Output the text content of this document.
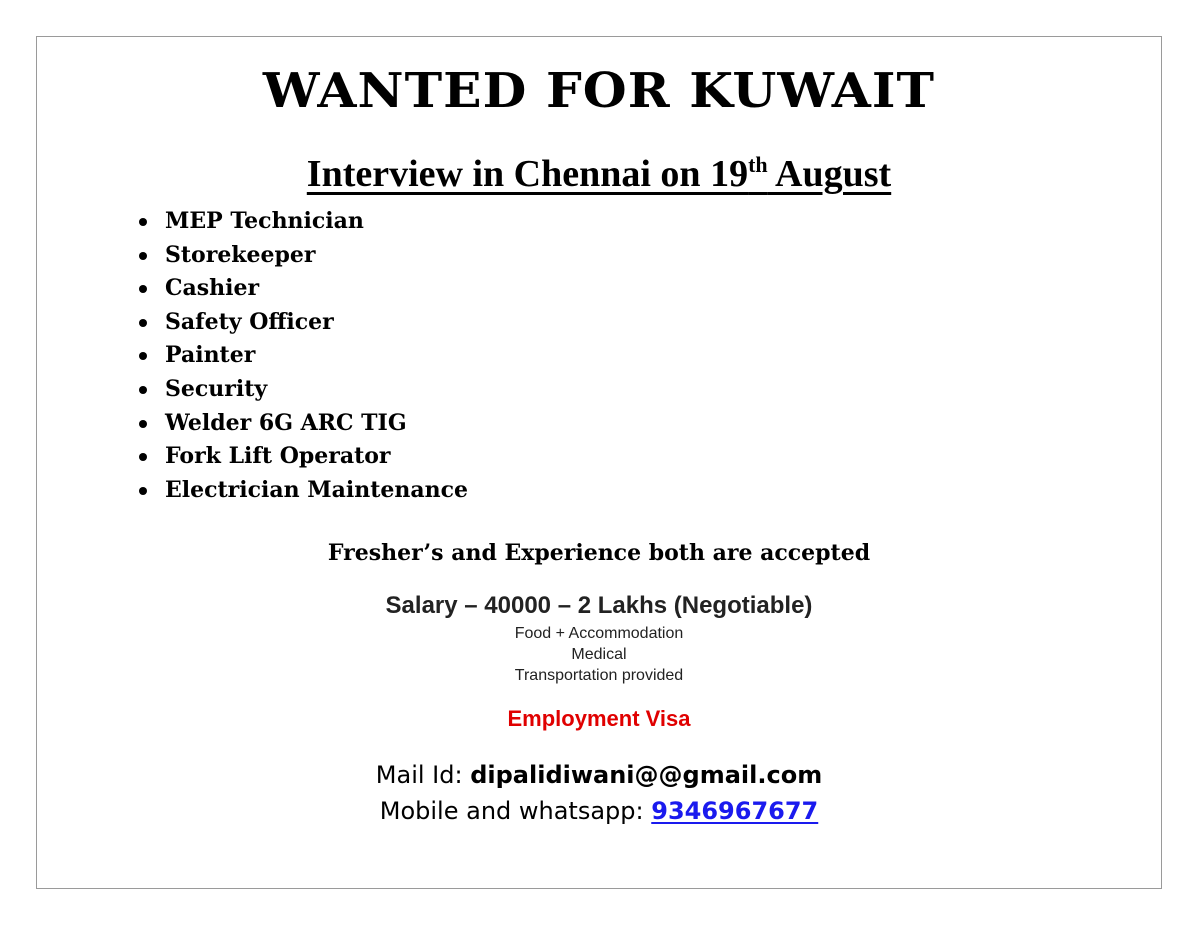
WANTED FOR KUWAIT
Interview in Chennai on 19th August
MEP Technician
Storekeeper
Cashier
Safety Officer
Painter
Security
Welder 6G ARC TIG
Fork Lift Operator
Electrician Maintenance
Fresher’s and Experience both are accepted
Salary – 40000 – 2 Lakhs (Negotiable)
Food + Accommodation
Medical
Transportation provided
Employment Visa
Mail Id: dipalidiwani@@gmail.com
Mobile and whatsapp: 9346967677
